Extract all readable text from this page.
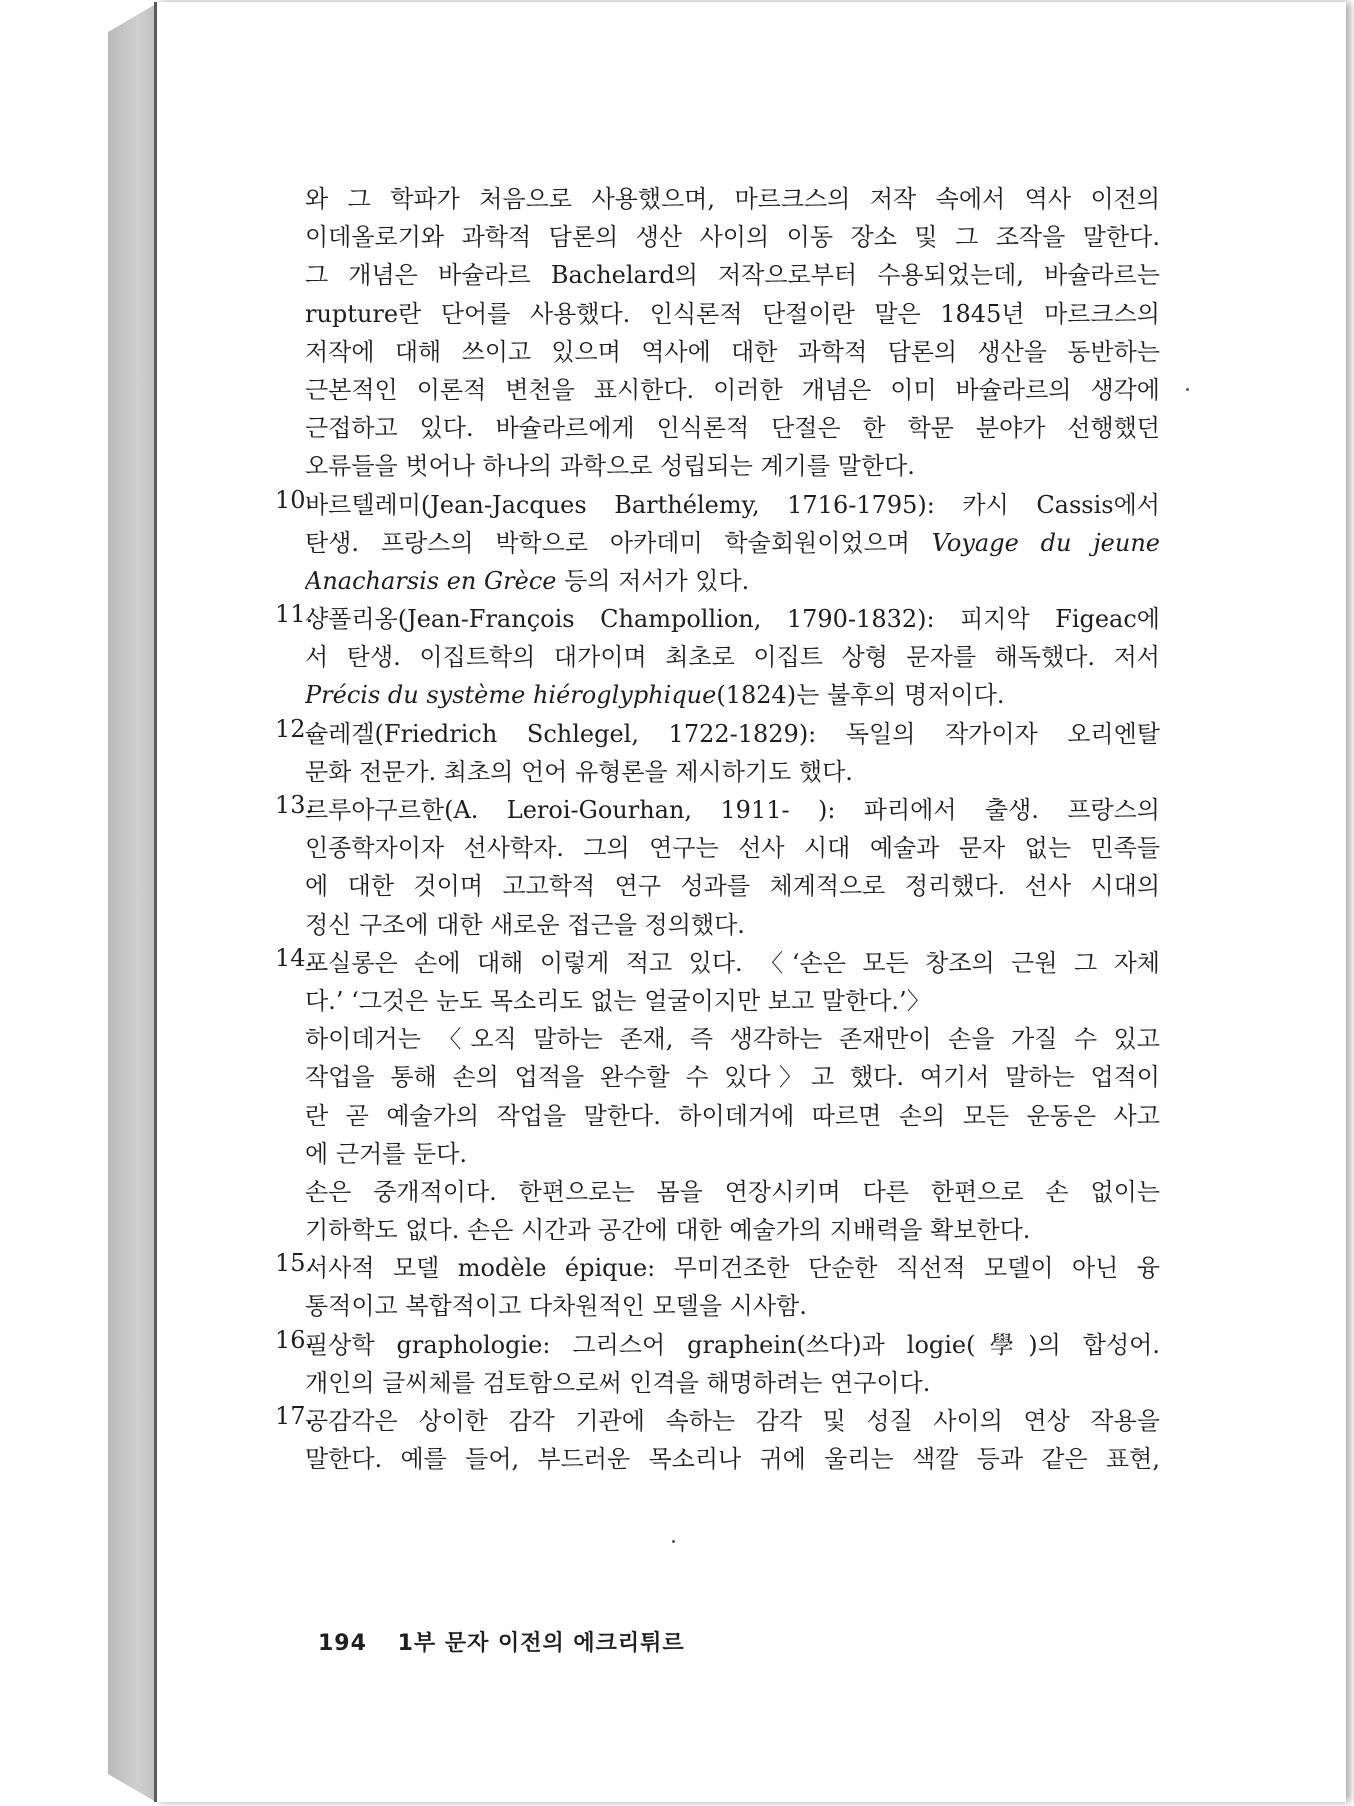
와 그 학파가 처음으로 사용했으며, 마르크스의 저작 속에서 역사 이전의
이데올로기와 과학적 담론의 생산 사이의 이동 장소 및 그 조작을 말한다.
그 개념은 바슐라르 Bachelard의 저작으로부터 수용되었는데, 바슐라르는
rupture란 단어를 사용했다. 인식론적 단절이란 말은 1845년 마르크스의
저작에 대해 쓰이고 있으며 역사에 대한 과학적 담론의 생산을 동반하는
근본적인 이론적 변천을 표시한다. 이러한 개념은 이미 바슐라르의 생각에
근접하고 있다. 바슐라르에게 인식론적 단절은 한 학문 분야가 선행했던
오류들을 벗어나 하나의 과학으로 성립되는 계기를 말한다.
10.
바르텔레미(Jean-Jacques Barthélemy, 1716-1795): 카시 Cassis에서
탄생. 프랑스의 박학으로 아카데미 학술회원이었으며 Voyage du jeune
Anacharsis en Grèce 등의 저서가 있다.
11.
샹폴리옹(Jean-François Champollion, 1790-1832): 피지악 Figeac에
서 탄생. 이집트학의 대가이며 최초로 이집트 상형 문자를 해독했다. 저서
Précis du système hiéroglyphique(1824)는 불후의 명저이다.
12.
슐레겔(Friedrich Schlegel, 1722-1829): 독일의 작가이자 오리엔탈
문화 전문가. 최초의 언어 유형론을 제시하기도 했다.
13.
르루아구르한(A. Leroi-Gourhan, 1911- ): 파리에서 출생. 프랑스의
인종학자이자 선사학자. 그의 연구는 선사 시대 예술과 문자 없는 민족들
에 대한 것이며 고고학적 연구 성과를 체계적으로 정리했다. 선사 시대의
정신 구조에 대한 새로운 접근을 정의했다.
14.
포실롱은 손에 대해 이렇게 적고 있다. 〈‘손은 모든 창조의 근원 그 자체
다.’ ‘그것은 눈도 목소리도 없는 얼굴이지만 보고 말한다.’〉
하이데거는 〈오직 말하는 존재, 즉 생각하는 존재만이 손을 가질 수 있고
작업을 통해 손의 업적을 완수할 수 있다〉고 했다. 여기서 말하는 업적이
란 곧 예술가의 작업을 말한다. 하이데거에 따르면 손의 모든 운동은 사고
에 근거를 둔다.
손은 중개적이다. 한편으로는 몸을 연장시키며 다른 한편으로 손 없이는
기하학도 없다. 손은 시간과 공간에 대한 예술가의 지배력을 확보한다.
15.
서사적 모델 modèle épique: 무미건조한 단순한 직선적 모델이 아닌 융
통적이고 복합적이고 다차원적인 모델을 시사함.
16.
필상학 graphologie: 그리스어 graphein(쓰다)과 logie(學)의 합성어.
개인의 글씨체를 검토함으로써 인격을 해명하려는 연구이다.
17.
공감각은 상이한 감각 기관에 속하는 감각 및 성질 사이의 연상 작용을
말한다. 예를 들어, 부드러운 목소리나 귀에 울리는 색깔 등과 같은 표현,
194 1부 문자 이전의 에크리튀르
